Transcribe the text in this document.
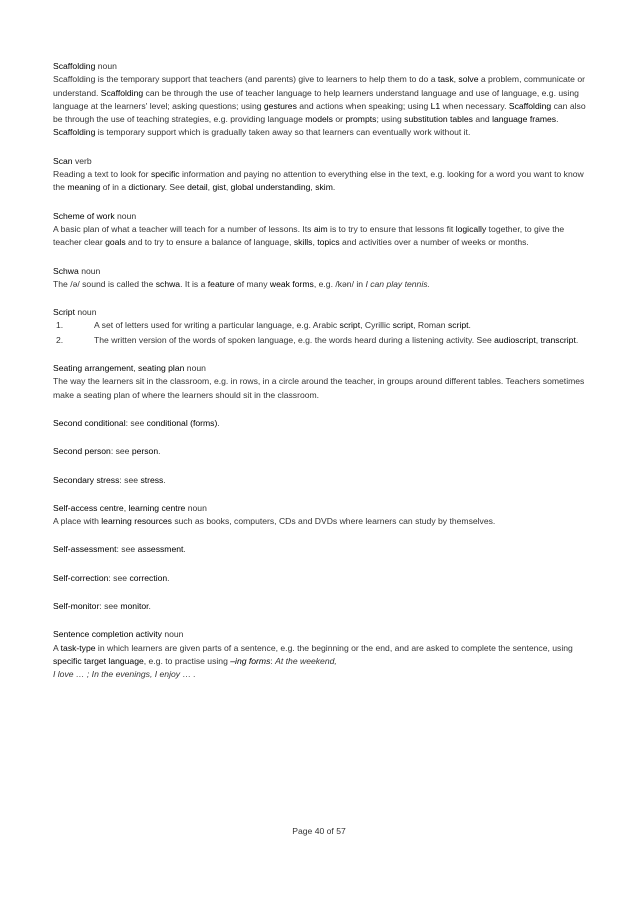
Scaffolding noun

Scaffolding is the temporary support that teachers (and parents) give to learners to help them to do a task, solve a problem, communicate or understand. Scaffolding can be through the use of teacher language to help learners understand language and use of language, e.g. using language at the learners' level; asking questions; using gestures and actions when speaking; using L1 when necessary. Scaffolding can also be through the use of teaching strategies, e.g. providing language models or prompts; using substitution tables and language frames. Scaffolding is temporary support which is gradually taken away so that learners can eventually work without it.

Scan verb

Reading a text to look for specific information and paying no attention to everything else in the text, e.g. looking for a word you want to know the meaning of in a dictionary. See detail, gist, global understanding, skim.

Scheme of work noun

A basic plan of what a teacher will teach for a number of lessons. Its aim is to try to ensure that lessons fit logically together, to give the teacher clear goals and to try to ensure a balance of language, skills, topics and activities over a number of weeks or months.

Schwa noun

The /ə/ sound is called the schwa. It is a feature of many weak forms, e.g. /kən/ in I can play tennis.

Script noun

1.	A set of letters used for writing a particular language, e.g. Arabic script, Cyrillic script, Roman script.
2.	The written version of the words of spoken language, e.g. the words heard during a listening activity. See audioscript, transcript.

Seating arrangement, seating plan noun

The way the learners sit in the classroom, e.g. in rows, in a circle around the teacher, in groups around different tables. Teachers sometimes make a seating plan of where the learners should sit in the classroom.

Second conditional: see conditional (forms).

Second person: see person.

Secondary stress: see stress.

Self-access centre, learning centre noun

A place with learning resources such as books, computers, CDs and DVDs where learners can study by themselves.

Self-assessment: see assessment.

Self-correction: see correction.

Self-monitor: see monitor.

Sentence completion activity noun

A task-type in which learners are given parts of a sentence, e.g. the beginning or the end, and are asked to complete the sentence, using specific target language, e.g. to practise using –ing forms: At the weekend,

I love … ; In the evenings, I enjoy … .

Page 40 of 57
